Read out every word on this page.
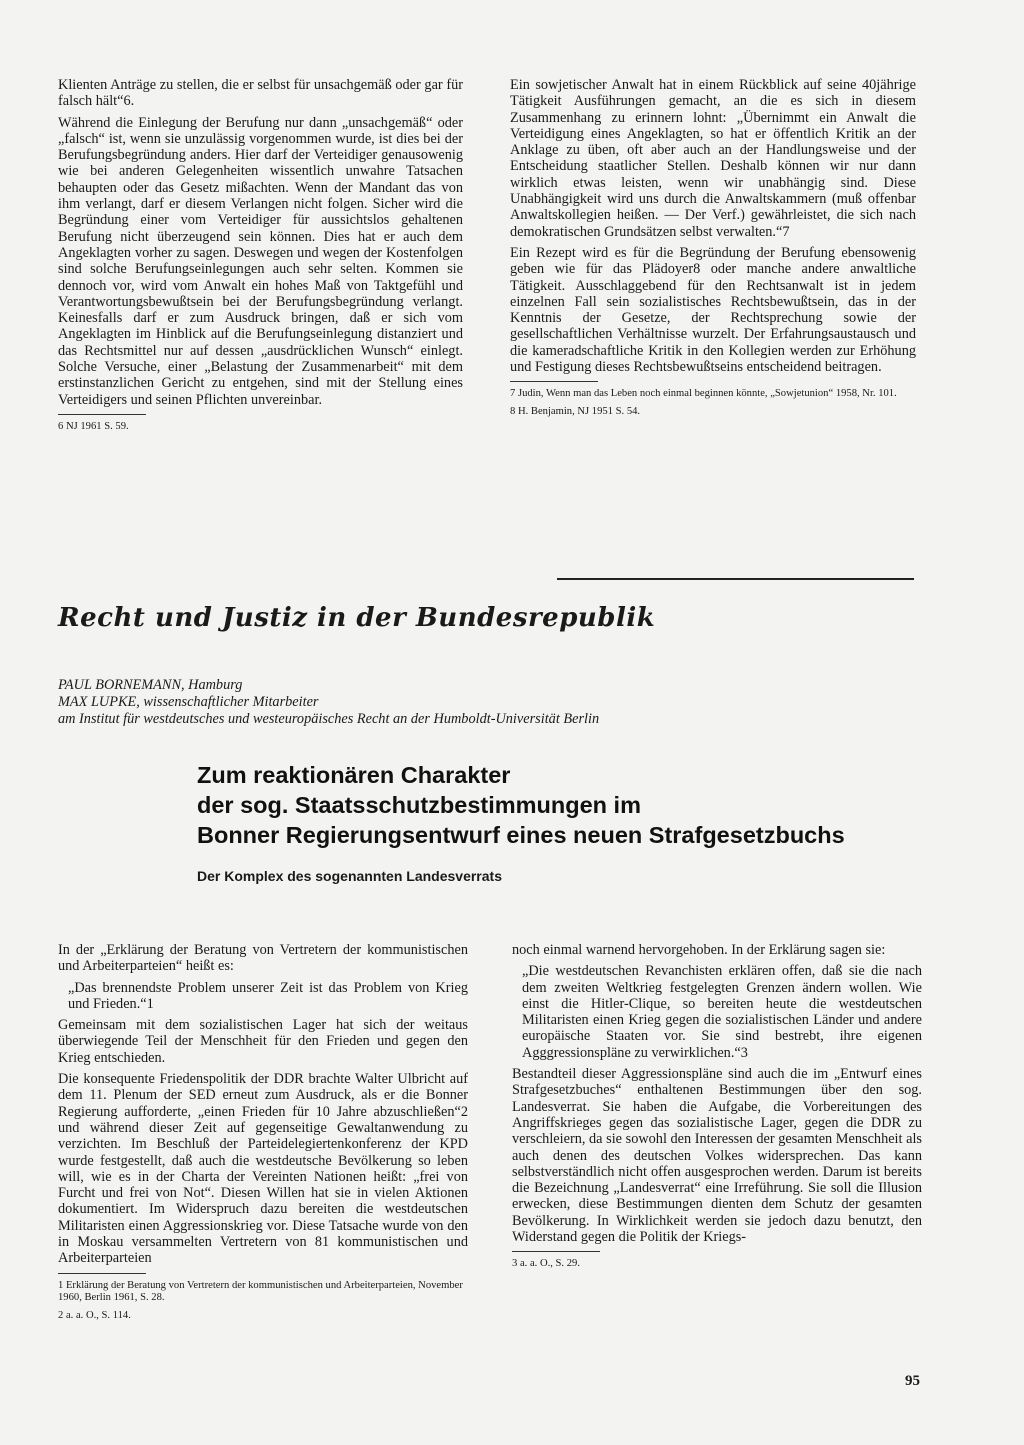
Klienten Anträge zu stellen, die er selbst für unsachgemäß oder gar für falsch hält“6.

Während die Einlegung der Berufung nur dann „unsachgemäß“ oder „falsch“ ist, wenn sie unzulässig vorgenommen wurde, ist dies bei der Berufungsbegründung anders. Hier darf der Verteidiger genausowenig wie bei anderen Gelegenheiten wissentlich unwahre Tatsachen behaupten oder das Gesetz mißachten. Wenn der Mandant das von ihm verlangt, darf er diesem Verlangen nicht folgen. Sicher wird die Begründung einer vom Verteidiger für aussichtslos gehaltenen Berufung nicht überzeugend sein können. Dies hat er auch dem Angeklagten vorher zu sagen. Deswegen und wegen der Kostenfolgen sind solche Berufungseinlegungen auch sehr selten. Kommen sie dennoch vor, wird vom Anwalt ein hohes Maß von Taktgefühl und Verantwortungsbewußtsein bei der Berufungsbegründung verlangt. Keinesfalls darf er zum Ausdruck bringen, daß er sich vom Angeklagten im Hinblick auf die Berufungseinlegung distanziert und das Rechtsmittel nur auf dessen „ausdrücklichen Wunsch“ einlegt. Solche Versuche, einer „Belastung der Zusammenarbeit“ mit dem erstinstanzlichen Gericht zu entgehen, sind mit der Stellung eines Verteidigers und seinen Pflichten unvereinbar.

6 NJ 1961 S. 59.

Ein sowjetischer Anwalt hat in einem Rückblick auf seine 40jährige Tätigkeit Ausführungen gemacht, an die es sich in diesem Zusammenhang zu erinnern lohnt: „Übernimmt ein Anwalt die Verteidigung eines Angeklagten, so hat er öffentlich Kritik an der Anklage zu üben, oft aber auch an der Handlungsweise und der Entscheidung staatlicher Stellen. Deshalb können wir nur dann wirklich etwas leisten, wenn wir unabhängig sind. Diese Unabhängigkeit wird uns durch die Anwaltskammern (muß offenbar Anwaltskollegien heißen. — Der Verf.) gewährleistet, die sich nach demokratischen Grundsätzen selbst verwalten.“7

Ein Rezept wird es für die Begründung der Berufung ebensowenig geben wie für das Plädoyer8 oder manche andere anwaltliche Tätigkeit. Ausschlaggebend für den Rechtsanwalt ist in jedem einzelnen Fall sein sozialistisches Rechtsbewußtsein, das in der Kenntnis der Gesetze, der Rechtsprechung sowie der gesellschaftlichen Verhältnisse wurzelt. Der Erfahrungsaustausch und die kameradschaftliche Kritik in den Kollegien werden zur Erhöhung und Festigung dieses Rechtsbewußtseins entscheidend beitragen.

7 Judin, Wenn man das Leben noch einmal beginnen könnte, „Sowjetunion“ 1958, Nr. 101.

8 H. Benjamin, NJ 1951 S. 54.

Recht und Justiz in der Bundesrepublik
PAUL BORNEMANN, Hamburg
MAX LUPKE, wissenschaftlicher Mitarbeiter
am Institut für westdeutsches und westeuropäisches Recht an der Humboldt-Universität Berlin
Zum reaktionären Charakter
der sog. Staatsschutzbestimmungen im
Bonner Regierungsentwurf eines neuen Strafgesetzbuchs
Der Komplex des sogenannten Landesverrats

In der „Erklärung der Beratung von Vertretern der kommunistischen und Arbeiterparteien“ heißt es:

„Das brennendste Problem unserer Zeit ist das Problem von Krieg und Frieden.“1

Gemeinsam mit dem sozialistischen Lager hat sich der weitaus überwiegende Teil der Menschheit für den Frieden und gegen den Krieg entschieden.

Die konsequente Friedenspolitik der DDR brachte Walter Ulbricht auf dem 11. Plenum der SED erneut zum Ausdruck, als er die Bonner Regierung aufforderte, „einen Frieden für 10 Jahre abzuschließen“2 und während dieser Zeit auf gegenseitige Gewaltanwendung zu verzichten. Im Beschluß der Parteidelegiertenkonferenz der KPD wurde festgestellt, daß auch die westdeutsche Bevölkerung so leben will, wie es in der Charta der Vereinten Nationen heißt: „frei von Furcht und frei von Not“. Diesen Willen hat sie in vielen Aktionen dokumentiert. Im Widerspruch dazu bereiten die westdeutschen Militaristen einen Aggressionskrieg vor. Diese Tatsache wurde von den in Moskau versammelten Vertretern von 81 kommunistischen und Arbeiterparteien

1 Erklärung der Beratung von Vertretern der kommunistischen und Arbeiterparteien, November 1960, Berlin 1961, S. 28.

2 a. a. O., S. 114.

noch einmal warnend hervorgehoben. In der Erklärung sagen sie:

„Die westdeutschen Revanchisten erklären offen, daß sie die nach dem zweiten Weltkrieg festgelegten Grenzen ändern wollen. Wie einst die Hitler-Clique, so bereiten heute die westdeutschen Militaristen einen Krieg gegen die sozialistischen Länder und andere europäische Staaten vor. Sie sind bestrebt, ihre eigenen Agggressionspläne zu verwirklichen.“3

Bestandteil dieser Aggressionspläne sind auch die im „Entwurf eines Strafgesetzbuches“ enthaltenen Bestimmungen über den sog. Landesverrat. Sie haben die Aufgabe, die Vorbereitungen des Angriffskrieges gegen das sozialistische Lager, gegen die DDR zu verschleiern, da sie sowohl den Interessen der gesamten Menschheit als auch denen des deutschen Volkes widersprechen. Das kann selbstverständlich nicht offen ausgesprochen werden. Darum ist bereits die Bezeichnung „Landesverrat“ eine Irreführung. Sie soll die Illusion erwecken, diese Bestimmungen dienten dem Schutz der gesamten Bevölkerung. In Wirklichkeit werden sie jedoch dazu benutzt, den Widerstand gegen die Politik der Kriegs-

3 a. a. O., S. 29.

95
